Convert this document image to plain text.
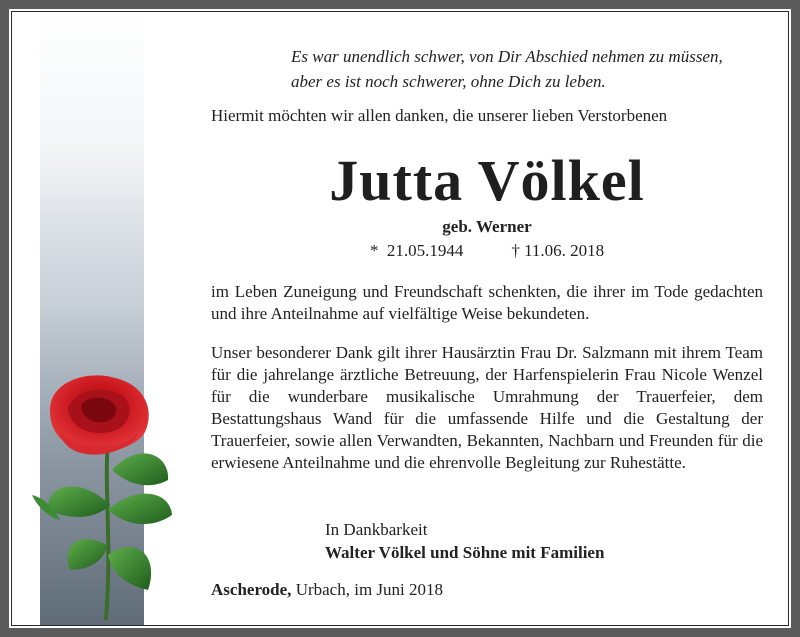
Es war unendlich schwer, von Dir Abschied nehmen zu müssen,
aber es ist noch schwerer, ohne Dich zu leben.
Hiermit möchten wir allen danken, die unserer lieben Verstorbenen
Jutta Völkel
geb. Werner
*  21.05.1944	† 11.06. 2018
im Leben Zuneigung und Freundschaft schenkten, die ihrer im Tode gedachten und ihre Anteilnahme auf vielfältige Weise bekundeten.
Unser besonderer Dank gilt ihrer Hausärztin Frau Dr. Salzmann mit ihrem Team für die jahrelange ärztliche Betreuung, der Harfenspielerin Frau Nicole Wenzel für die wunderbare musikalische Umrahmung der Trauerfeier, dem Bestattungshaus Wand für die umfassende Hilfe und die Gestaltung der Trauerfeier, sowie allen Verwandten, Bekannten, Nachbarn und Freunden für die erwiesene Anteilnahme und die ehrenvolle Begleitung zur Ruhestätte.
In Dankbarkeit
Walter Völkel und Söhne mit Familien
Ascherode, Urbach, im Juni 2018
